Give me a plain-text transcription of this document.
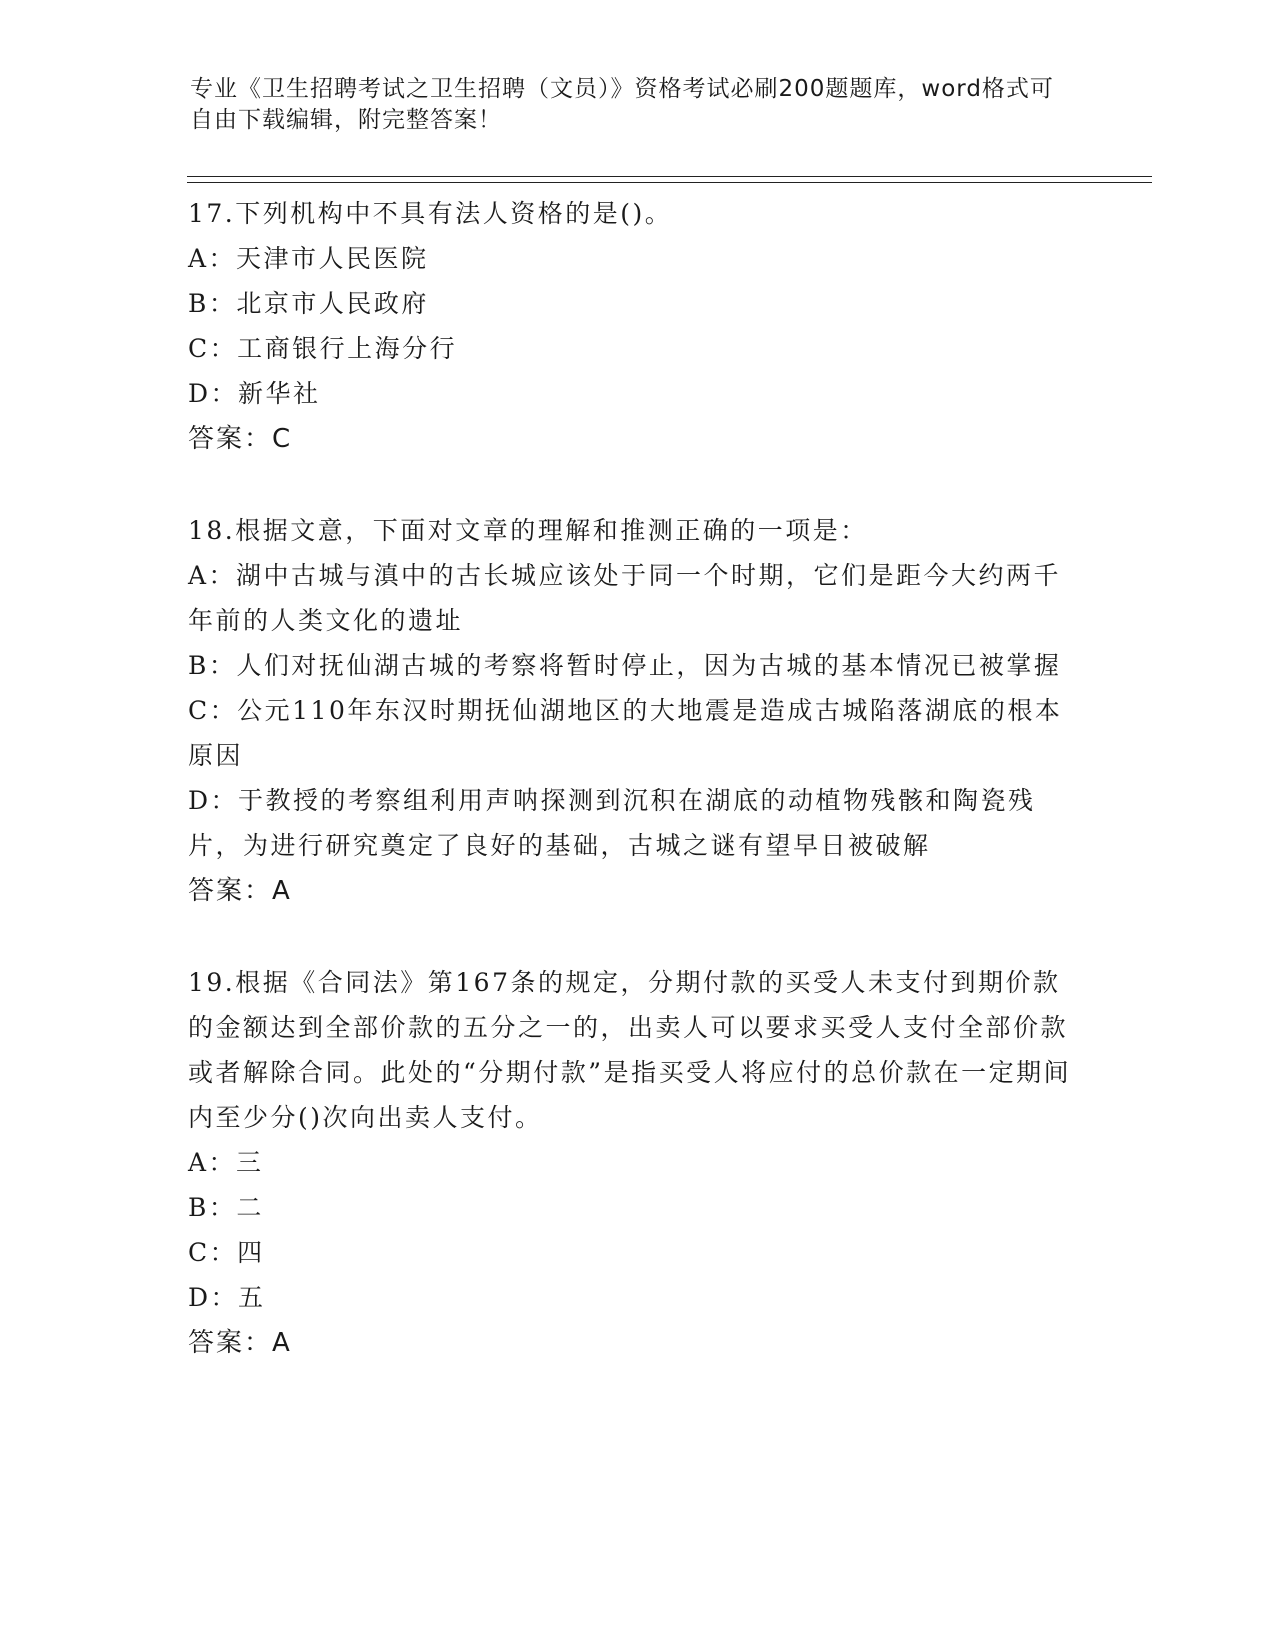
专业《卫生招聘考试之卫生招聘（文员）》资格考试必刷200题题库，word格式可自由下载编辑，附完整答案！

17.下列机构中不具有法人资格的是()。

A：天津市人民医院

B：北京市人民政府

C：工商银行上海分行

D：新华社

答案：C

18.根据文意，下面对文章的理解和推测正确的一项是：

A：湖中古城与滇中的古长城应该处于同一个时期，它们是距今大约两千年前的人类文化的遗址

B：人们对抚仙湖古城的考察将暂时停止，因为古城的基本情况已被掌握

C：公元110年东汉时期抚仙湖地区的大地震是造成古城陷落湖底的根本原因

D：于教授的考察组利用声呐探测到沉积在湖底的动植物残骸和陶瓷残片，为进行研究奠定了良好的基础，古城之谜有望早日被破解

答案：A

19.根据《合同法》第167条的规定，分期付款的买受人未支付到期价款的金额达到全部价款的五分之一的，出卖人可以要求买受人支付全部价款或者解除合同。此处的“分期付款”是指买受人将应付的总价款在一定期间内至少分()次向出卖人支付。

A：三

B：二

C：四

D：五

答案：A
